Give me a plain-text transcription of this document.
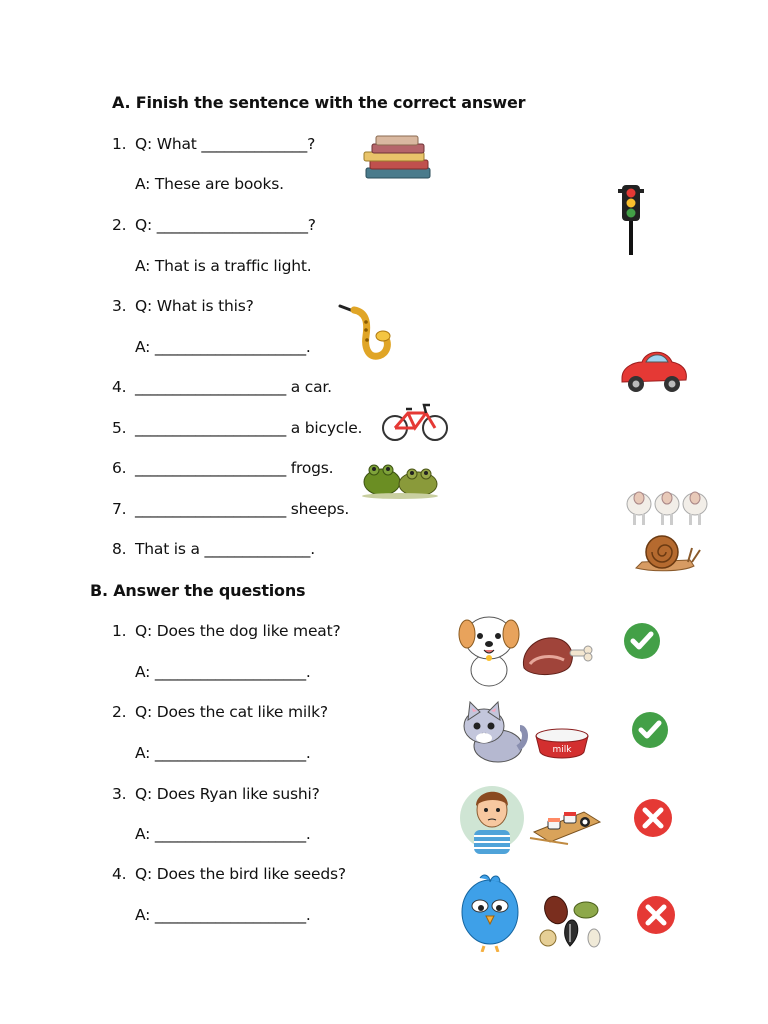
A. Finish the sentence with the correct answer
1. Q: What ______________?
A: These are books.
2. Q: ____________________?
A: That is a traffic light.
3. Q: What is this?
A: ____________________.
4. ____________________ a car.
5. ____________________ a bicycle.
6. ____________________ frogs.
7. ____________________ sheeps.
8. That is a ______________.
B. Answer the questions
1. Q: Does the dog like meat?
A: ____________________.
2. Q: Does the cat like milk?
A: ____________________.
3. Q: Does Ryan like sushi?
A: ____________________.
4. Q: Does the bird like seeds?
A: ____________________.
milk
